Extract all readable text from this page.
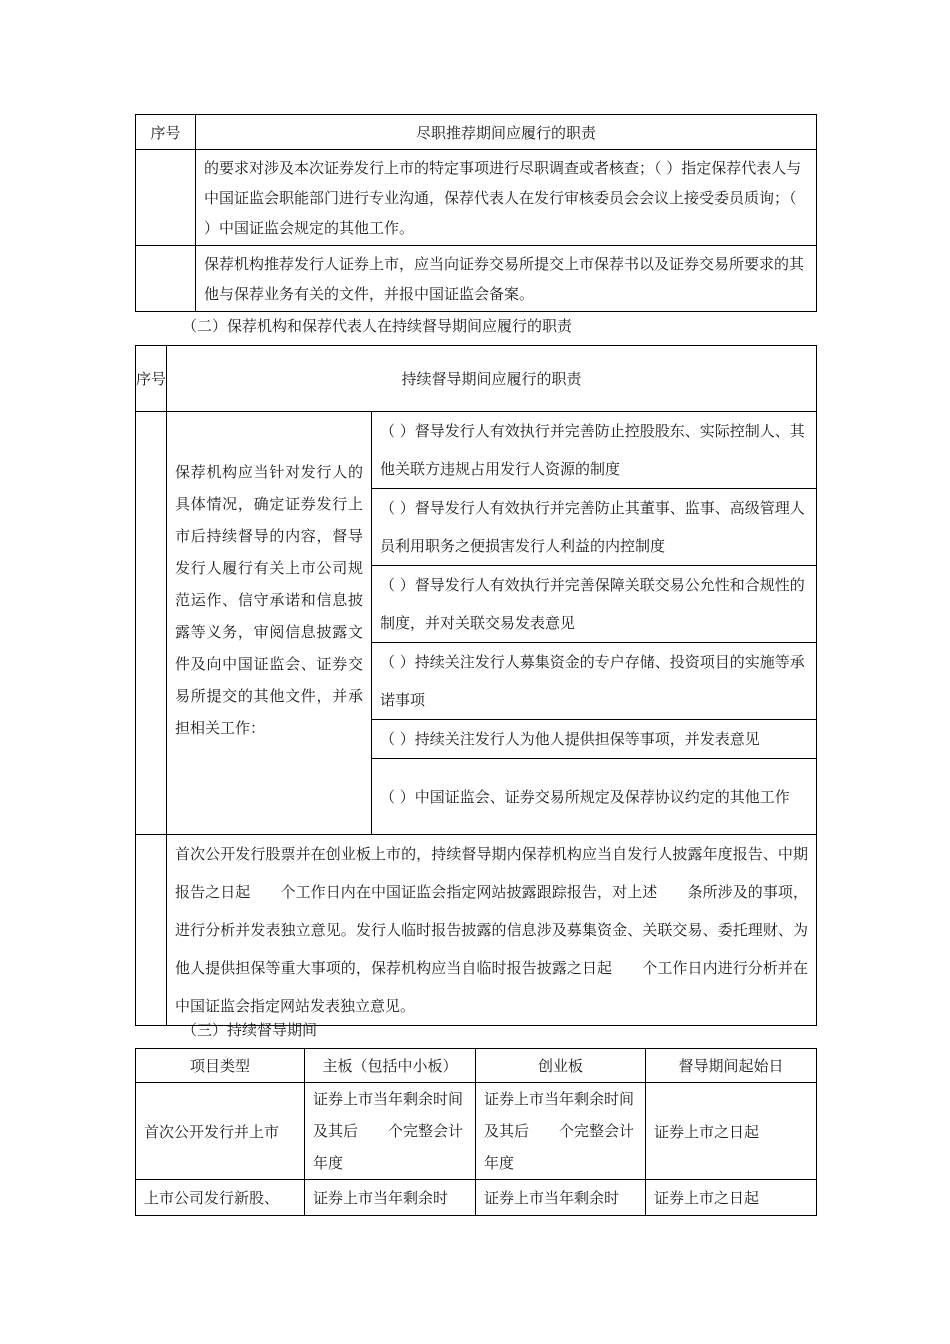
序号	尽职推荐期间应履行的职责
	的要求对涉及本次证券发行上市的特定事项进行尽职调查或者核查；（ ）指定保荐代表人与中国证监会职能部门进行专业沟通，保荐代表人在发行审核委员会会议上接受委员质询；（ ）中国证监会规定的其他工作。
	保荐机构推荐发行人证券上市，应当向证券交易所提交上市保荐书以及证券交易所要求的其他与保荐业务有关的文件，并报中国证监会备案。
（二）保荐机构和保荐代表人在持续督导期间应履行的职责
序号	持续督导期间应履行的职责	
	保荐机构应当针对发行人的具体情况，确定证券发行上市后持续督导的内容，督导发行人履行有关上市公司规范运作、信守承诺和信息披露等义务，审阅信息披露文件及向中国证监会、证券交易所提交的其他文件，并承担相关工作：	（ ）督导发行人有效执行并完善防止控股股东、实际控制人、其他关联方违规占用发行人资源的制度
		（ ）督导发行人有效执行并完善防止其董事、监事、高级管理人员利用职务之便损害发行人利益的内控制度
		（ ）督导发行人有效执行并完善保障关联交易公允性和合规性的制度，并对关联交易发表意见
		（ ）持续关注发行人募集资金的专户存储、投资项目的实施等承诺事项
		（ ）持续关注发行人为他人提供担保等事项，并发表意见
		（ ）中国证监会、证券交易所规定及保荐协议约定的其他工作
	首次公开发行股票并在创业板上市的，持续督导期内保荐机构应当自发行人披露年度报告、中期报告之日起　　个工作日内在中国证监会指定网站披露跟踪报告，对上述　　条所涉及的事项，进行分析并发表独立意见。发行人临时报告披露的信息涉及募集资金、关联交易、委托理财、为他人提供担保等重大事项的，保荐机构应当自临时报告披露之日起　　个工作日内进行分析并在中国证监会指定网站发表独立意见。	
（三）持续督导期间
项目类型	主板（包括中小板）	创业板	督导期间起始日
首次公开发行并上市	证券上市当年剩余时间及其后　　个完整会计年度	证券上市当年剩余时间及其后　　个完整会计年度	证券上市之日起
上市公司发行新股、	证券上市当年剩余时	证券上市当年剩余时	证券上市之日起
